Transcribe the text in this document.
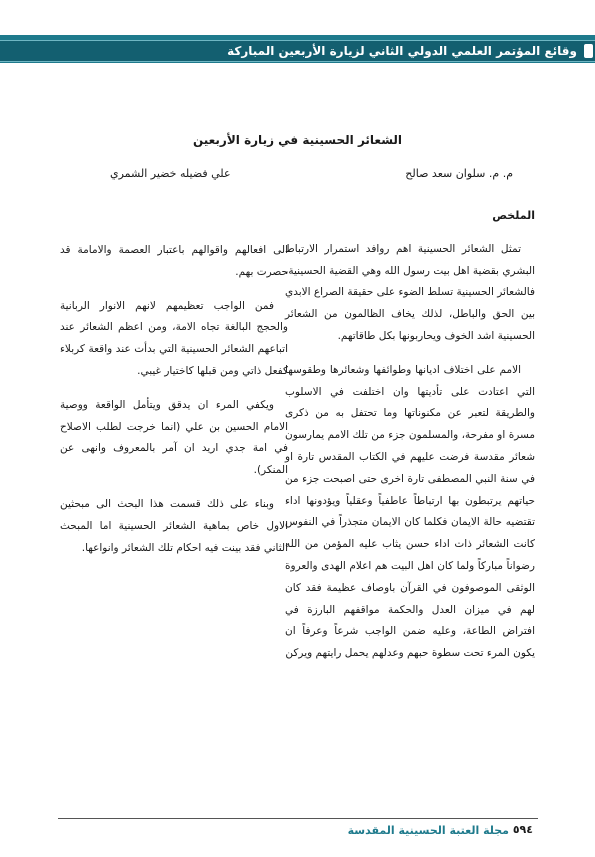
وقائع المؤتمر العلمي الدولي الثاني لزيارة الأربعين المباركة
الشعائر الحسينية في زيارة الأربعين
م. م. سلوان سعد صالح
علي فضيله خضير الشمري
الملخص

تمثل الشعائر الحسينية اهم روافد استمرار الارتباط البشري بقضية اهل بيت رسول الله وهي القضية الحسينية، فالشعائر الحسينية تسلط الضوء على حقيقة الصراع الابدي بين الحق والباطل، لذلك يخاف الظالمون من الشعائر الحسينية اشد الخوف ويحاربونها بكل طاقاتهم.

الامم على اختلاف اديانها وطوائفها وشعائرها وطقوسها التي اعتادت على تأديتها وان اختلفت في الاسلوب والطريقة لتعبر عن مكنوناتها وما تحتفل به من ذكرى مسرة او مفرحة، والمسلمون جزء من تلك الامم يمارسون شعائر مقدسة فرضت عليهم في الكتاب المقدس تارة او في سنة النبي المصطفى تارة اخرى حتى اصبحت جزء من حياتهم يرتبطون بها ارتباطاً عاطفياً وعقلياً ويؤدونها اداء تقتضيه حالة الايمان فكلما كان الايمان متجذراً في النفوس كانت الشعائر ذات اداء حسن يثاب عليه المؤمن من الله رضواناً مباركاً ولما كان اهل البيت هم اعلام الهدى والعروة الوثقى الموصوفون في القرآن باوصاف عظيمة فقد كان لهم في ميزان العدل والحكمة مواقفهم البارزة في افتراض الطاعة، وعليه ضمن الواجب شرعاً وعرفاً ان يكون المرء تحت سطوة حبهم وعدلهم يحمل رايتهم ويركن

الى افعالهم واقوالهم باعتبار العصمة والامامة قد حصرت بهم.

فمن الواجب تعظيمهم لانهم الانوار الربانية والحجج البالغة تجاه الامة، ومن اعظم الشعائر عند اتباعهم الشعائر الحسينية التي بدأت عند واقعة كربلاء كفعل ذاتي ومن قبلها كاختيار غيبي.

ويكفي المرء ان يدقق ويتأمل الواقعة ووصية الامام الحسين بن علي (انما خرجت لطلب الاصلاح في امة جدي اريد ان آمر بالمعروف وانهى عن المنكر).

وبناء على ذلك قسمت هذا البحث الى مبحثين الاول خاص بماهية الشعائر الحسينية اما المبحث الثاني فقد بينت فيه احكام تلك الشعائر وانواعها.

٥٩٤
مجلة العتبة الحسينية المقدسة
